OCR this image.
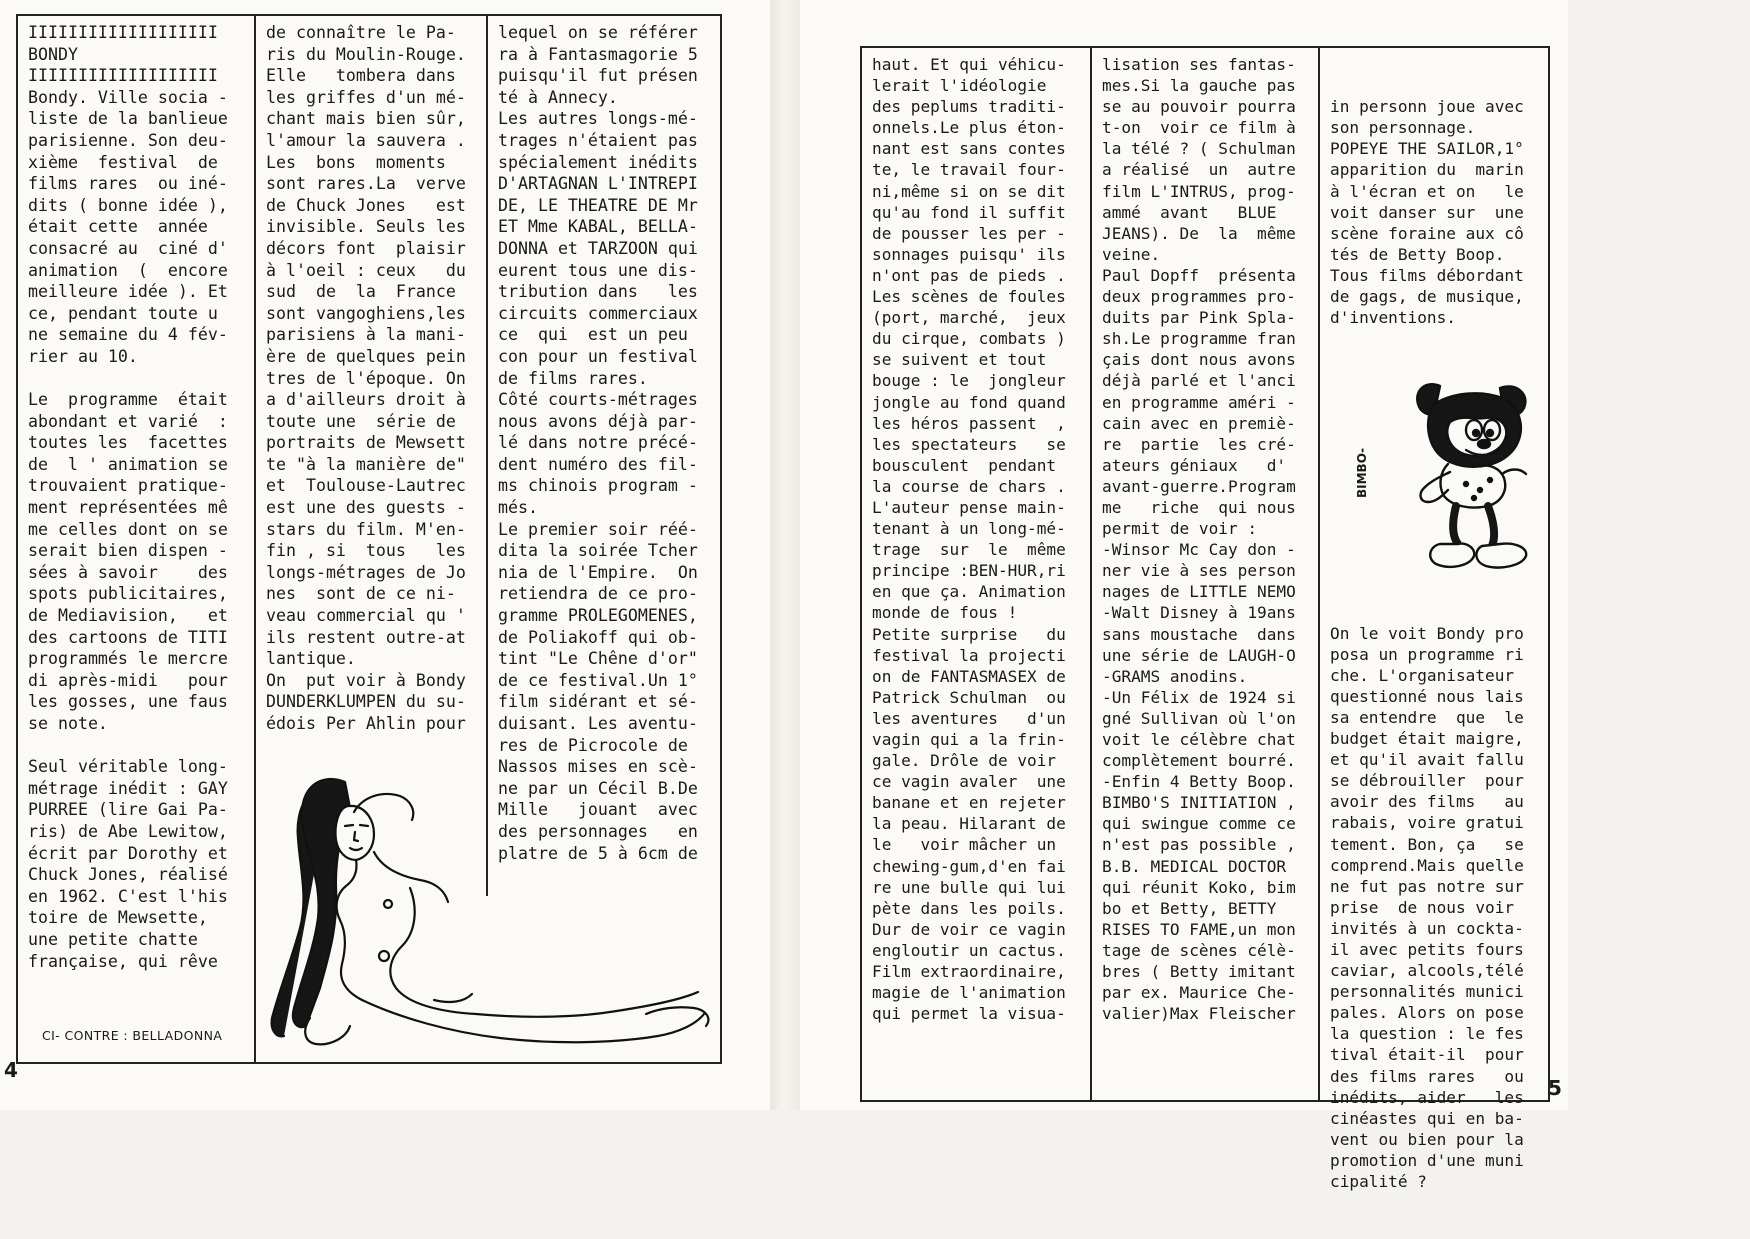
IIIIIIIIIIIIIIIIIII
BONDY
IIIIIIIIIIIIIIIIIII
Bondy. Ville socia -
liste de la banlieue
parisienne. Son deu-
xième  festival  de
films rares  ou iné-
dits ( bonne idée ),
était cette  année
consacré au  ciné d'
animation  (  encore
meilleure idée ). Et
ce, pendant toute u
ne semaine du 4 fév-
rier au 10.

Le  programme  était
abondant et varié  :
toutes les  facettes
de  l ' animation se
trouvaient pratique-
ment représentées mê
me celles dont on se
serait bien dispen -
sées à savoir    des
spots publicitaires,
de Mediavision,   et
des cartoons de TITI
programmés le mercre
di après-midi   pour
les gosses, une faus
se note.

Seul véritable long-
métrage inédit : GAY
PURREE (lire Gai Pa-
ris) de Abe Lewitow,
écrit par Dorothy et
Chuck Jones, réalisé
en 1962. C'est l'his
toire de Mewsette,
une petite chatte
française, qui rêve
de connaître le Pa-
ris du Moulin-Rouge.
Elle   tombera dans
les griffes d'un mé-
chant mais bien sûr,
l'amour la sauvera .
Les  bons  moments
sont rares.La  verve
de Chuck Jones   est
invisible. Seuls les
décors font  plaisir
à l'oeil : ceux   du
sud  de  la  France
sont vangoghiens,les
parisiens à la mani-
ère de quelques pein
tres de l'époque. On
a d'ailleurs droit à
toute une  série de
portraits de Mewsett
te "à la manière de"
et  Toulouse-Lautrec
est une des guests -
stars du film. M'en-
fin , si  tous   les
longs-métrages de Jo
nes  sont de ce ni-
veau commercial qu '
ils restent outre-at
lantique.
On  put voir à Bondy
DUNDERKLUMPEN du su-
édois Per Ahlin pour
lequel on se référer
ra à Fantasmagorie 5
puisqu'il fut présen
té à Annecy.
Les autres longs-mé-
trages n'étaient pas
spécialement inédits
D'ARTAGNAN L'INTREPI
DE, LE THEATRE DE Mr
ET Mme KABAL, BELLA-
DONNA et TARZOON qui
eurent tous une dis-
tribution dans   les
circuits commerciaux
ce  qui  est un peu
con pour un festival
de films rares.
Côté courts-métrages
nous avons déjà par-
lé dans notre précé-
dent numéro des fil-
ms chinois program -
més.
Le premier soir réé-
dita la soirée Tcher
nia de l'Empire.  On
retiendra de ce pro-
gramme PROLEGOMENES,
de Poliakoff qui ob-
tint "Le Chêne d'or"
de ce festival.Un 1°
film sidérant et sé-
duisant. Les aventu-
res de Picrocole de
Nassos mises en scè-
ne par un Cécil B.De
Mille   jouant  avec
des personnages   en
platre de 5 à 6cm de
CI- CONTRE : BELLADONNA
4
haut. Et qui véhicu-
lerait l'idéologie
des peplums traditi-
onnels.Le plus éton-
nant est sans contes
te, le travail four-
ni,même si on se dit
qu'au fond il suffit
de pousser les per -
sonnages puisqu' ils
n'ont pas de pieds .
Les scènes de foules
(port, marché,  jeux
du cirque, combats )
se suivent et tout
bouge : le  jongleur
jongle au fond quand
les héros passent  ,
les spectateurs   se
bousculent  pendant
la course de chars .
L'auteur pense main-
tenant à un long-mé-
trage  sur  le  même
principe :BEN-HUR,ri
en que ça. Animation
monde de fous !
Petite surprise   du
festival la projecti
on de FANTASMASEX de
Patrick Schulman  ou
les aventures   d'un
vagin qui a la frin-
gale. Drôle de voir
ce vagin avaler  une
banane et en rejeter
la peau. Hilarant de
le   voir mâcher un
chewing-gum,d'en fai
re une bulle qui lui
pète dans les poils.
Dur de voir ce vagin
engloutir un cactus.
Film extraordinaire,
magie de l'animation
qui permet la visua-
lisation ses fantas-
mes.Si la gauche pas
se au pouvoir pourra
t-on  voir ce film à
la télé ? ( Schulman
a réalisé  un  autre
film L'INTRUS, prog-
ammé  avant   BLUE
JEANS). De  la  même
veine.
Paul Dopff  présenta
deux programmes pro-
duits par Pink Spla-
sh.Le programme fran
çais dont nous avons
déjà parlé et l'anci
en programme améri -
cain avec en premiè-
re  partie  les cré-
ateurs géniaux   d'
avant-guerre.Program
me   riche  qui nous
permit de voir :
-Winsor Mc Cay don -
ner vie à ses person
nages de LITTLE NEMO
-Walt Disney à 19ans
sans moustache  dans
une série de LAUGH-O
-GRAMS anodins.
-Un Félix de 1924 si
gné Sullivan où l'on
voit le célèbre chat
complètement bourré.
-Enfin 4 Betty Boop.
BIMBO'S INITIATION ,
qui swingue comme ce
n'est pas possible ,
B.B. MEDICAL DOCTOR
qui réunit Koko, bim
bo et Betty, BETTY
RISES TO FAME,un mon
tage de scènes célè-
bres ( Betty imitant
par ex. Maurice Che-
valier)Max Fleischer

in personn joue avec
son personnage.
POPEYE THE SAILOR,1°
apparition du  marin
à l'écran et on   le
voit danser sur  une
scène foraine aux cô
tés de Betty Boop.
Tous films débordant
de gags, de musique,
d'inventions.

BIMBO-

On le voit Bondy pro
posa un programme ri
che. L'organisateur
questionné nous lais
sa entendre  que  le
budget était maigre,
et qu'il avait fallu
se débrouiller  pour
avoir des films   au
rabais, voire gratui
tement. Bon, ça   se
comprend.Mais quelle
ne fut pas notre sur
prise  de nous voir
invités à un cockta-
il avec petits fours
caviar, alcools,télé
personnalités munici
pales. Alors on pose
la question : le fes
tival était-il  pour
des films rares   ou
inédits, aider   les
cinéastes qui en ba-
vent ou bien pour la
promotion d'une muni
cipalité ?

5
